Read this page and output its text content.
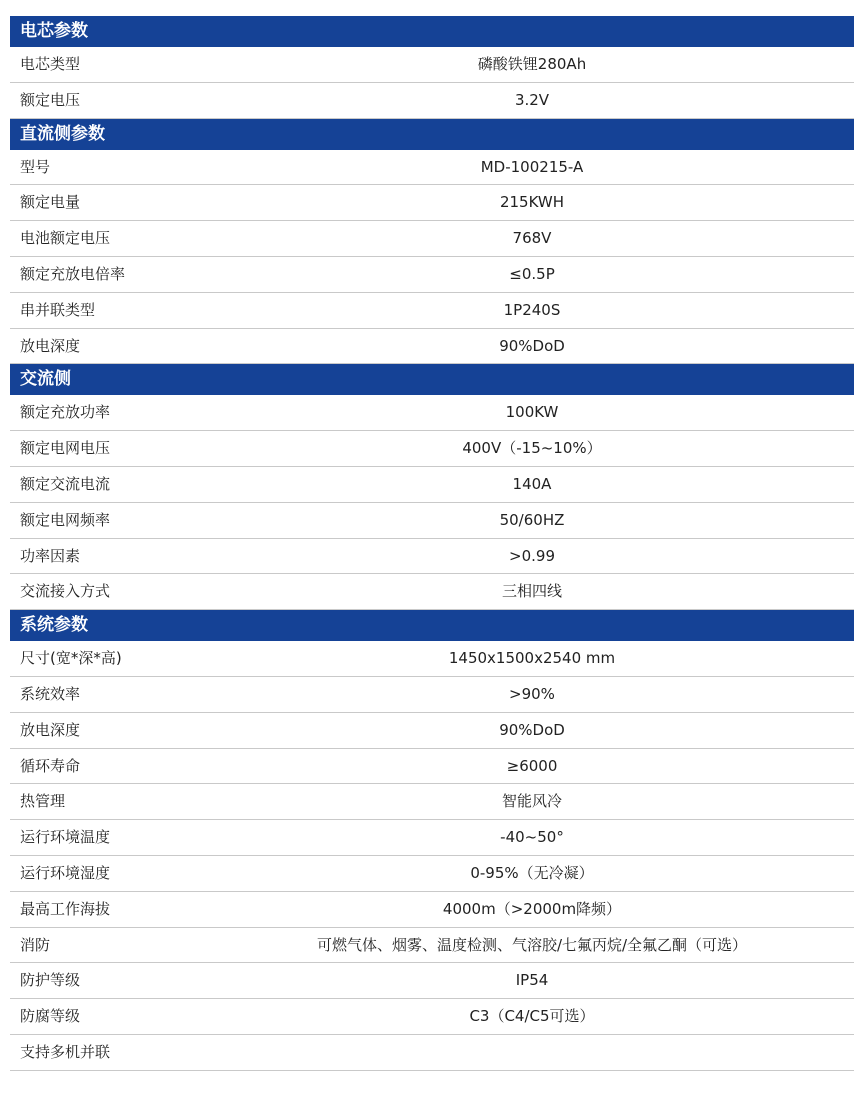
电芯参数
电芯类型	磷酸铁锂280Ah
额定电压	3.2V
直流侧参数
型号	MD-100215-A
额定电量	215KWH
电池额定电压	768V
额定充放电倍率	≤0.5P
串并联类型	1P240S
放电深度	90%DoD
交流侧
额定充放功率	100KW
额定电网电压	400V（-15~10%）
额定交流电流	140A
额定电网频率	50/60HZ
功率因素	>0.99
交流接入方式	三相四线
系统参数
尺寸(宽*深*高)	1450x1500x2540 mm
系统效率	>90%
放电深度	90%DoD
循环寿命	≥6000
热管理	智能风冷
运行环境温度	-40~50°
运行环境湿度	0-95%（无冷凝）
最高工作海拔	4000m（>2000m降频）
消防	可燃气体、烟雾、温度检测、气溶胶/七氟丙烷/全氟乙酮（可选）
防护等级	IP54
防腐等级	C3（C4/C5可选）
支持多机并联
